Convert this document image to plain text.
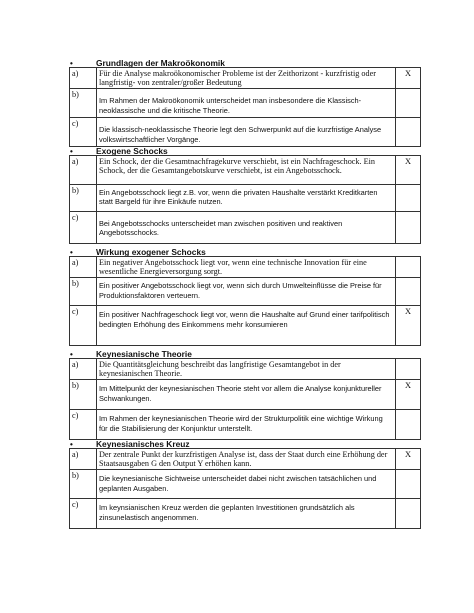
•	Grundlagen der Makroökonomik
a)	Für die Analyse makroökonomischer Probleme ist der Zeithorizont - kurzfristig oder langfristig- von zentraler/großer Bedeutung	X
b)	Im Rahmen der Makroökonomik unterscheidet man insbesondere die Klassisch- neoklassische und die kritische Theorie.	
c)	Die klassisch-neoklassische Theorie legt den Schwerpunkt auf die kurzfristige Analyse volkswirtschaftlicher Vorgänge.	
•	Exogene Schocks
a)	Ein Schock, der die Gesamtnachfragekurve verschiebt, ist ein Nachfrageschock. Ein Schock, der die Gesamtangebotskurve verschiebt, ist ein Angebotsschock.	X
b)	Ein Angebotsschock liegt z.B. vor, wenn die privaten Haushalte verstärkt Kreditkarten statt Bargeld für ihre Einkäufe nutzen.	
c)	Bei Angebotsschocks unterscheidet man zwischen positiven und reaktiven Angebotsschocks.	
•	Wirkung exogener Schocks
a)	Ein negativer Angebotsschock liegt vor, wenn eine technische Innovation für eine wesentliche Energieversorgung sorgt.	
b)	Ein positiver Angebotsschock liegt vor, wenn sich durch Umwelteinflüsse die Preise für Produktionsfaktoren verteuern.	
c)	Ein positiver Nachfrageschock liegt vor, wenn die Haushalte auf Grund einer tarifpolitisch bedingten Erhöhung des Einkommens mehr konsumieren	X
•	Keynesianische Theorie
a)	Die Quantitätsgleichung beschreibt das langfristige Gesamtangebot in der keynesianischen Theorie.	
b)	Im Mittelpunkt der keynesianischen Theorie steht vor allem die Analyse konjunktureller Schwankungen.	X
c)	Im Rahmen der keynesianischen Theorie wird der Strukturpolitik eine wichtige Wirkung für die Stabilisierung der Konjunktur unterstellt.	
•	Keynesianisches Kreuz
a)	Der zentrale Punkt der kurzfristigen Analyse ist, dass der Staat durch eine Erhöhung der Staatsausgaben G den Output Y erhöhen kann.	X
b)	Die keynesianische Sichtweise unterscheidet dabei nicht zwischen tatsächlichen und geplanten Ausgaben.	
c)	Im keynsianischen Kreuz werden die geplanten Investitionen grundsätzlich als zinsunelastisch angenommen.	
